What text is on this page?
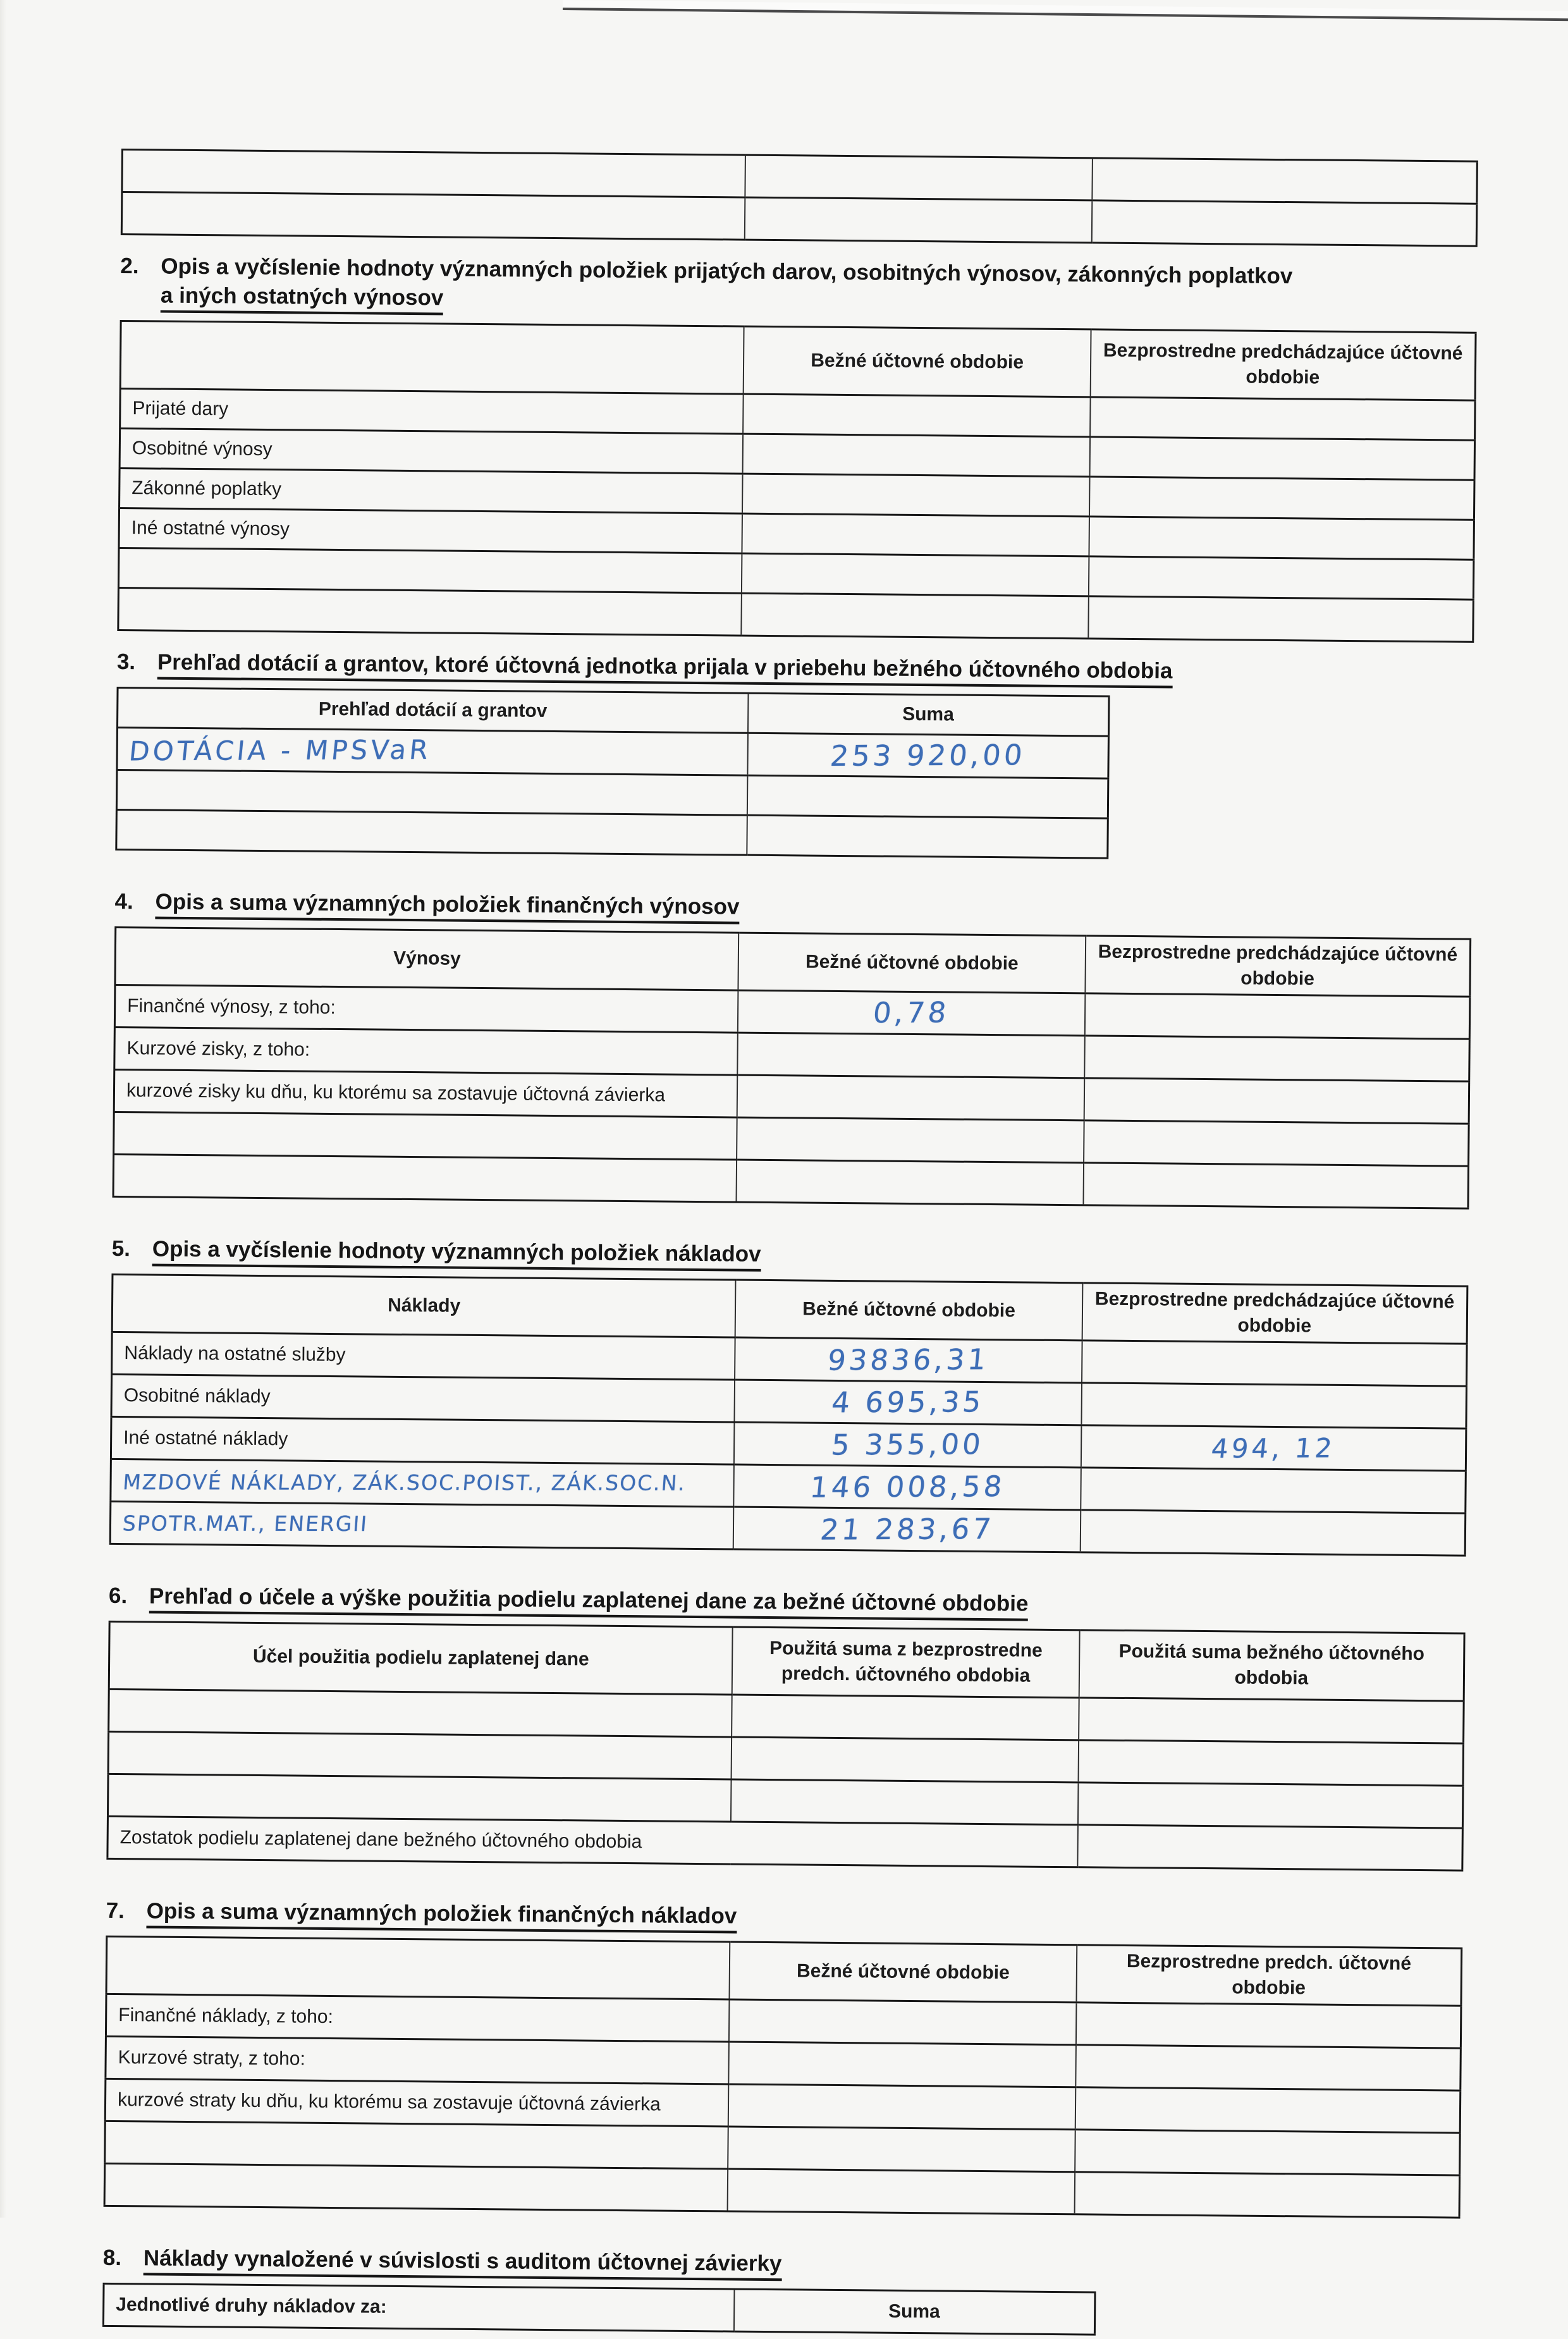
2. Opis a vyčíslenie hodnoty významných položiek prijatých darov, osobitných výnosov, zákonných poplatkov
a iných ostatných výnosov
	Bežné účtovné obdobie	Bezprostredne predchádzajúce účtovné obdobie
Prijaté dary		
Osobitné výnosy		
Zákonné poplatky		
Iné ostatné výnosy		

3. Prehľad dotácií a grantov, ktoré účtovná jednotka prijala v priebehu bežného účtovného obdobia
Prehľad dotácií a grantov	Suma
DOTÁCIA - MPSVaR	253 920,00

4. Opis a suma významných položiek finančných výnosov
Výnosy	Bežné účtovné obdobie	Bezprostredne predchádzajúce účtovné obdobie
Finančné výnosy, z toho:	0,78	
Kurzové zisky, z toho:		
kurzové zisky ku dňu, ku ktorému sa zostavuje účtovná závierka		

5. Opis a vyčíslenie hodnoty významných položiek nákladov
Náklady	Bežné účtovné obdobie	Bezprostredne predchádzajúce účtovné obdobie
Náklady na ostatné služby	93836,31	
Osobitné náklady	4 695,35	
Iné ostatné náklady	5 355,00	494, 12
MZDOVÉ NÁKLADY, ZÁK.SOC.POIST., ZÁK.SOC.N.	146 008,58	
SPOTR.MAT., ENERGII	21 283,67	
6. Prehľad o účele a výške použitia podielu zaplatenej dane za bežné účtovné obdobie
Účel použitia podielu zaplatenej dane	Použitá suma z bezprostredne predch. účtovného obdobia	Použitá suma bežného účtovného obdobia

Zostatok podielu zaplatenej dane bežného účtovného obdobia		
7. Opis a suma významných položiek finančných nákladov
	Bežné účtovné obdobie	Bezprostredne predch. účtovné obdobie
Finančné náklady, z toho:		
Kurzové straty, z toho:		
kurzové straty ku dňu, ku ktorému sa zostavuje účtovná závierka		

8. Náklady vynaložené v súvislosti s auditom účtovnej závierky
Jednotlivé druhy nákladov za:	Suma
